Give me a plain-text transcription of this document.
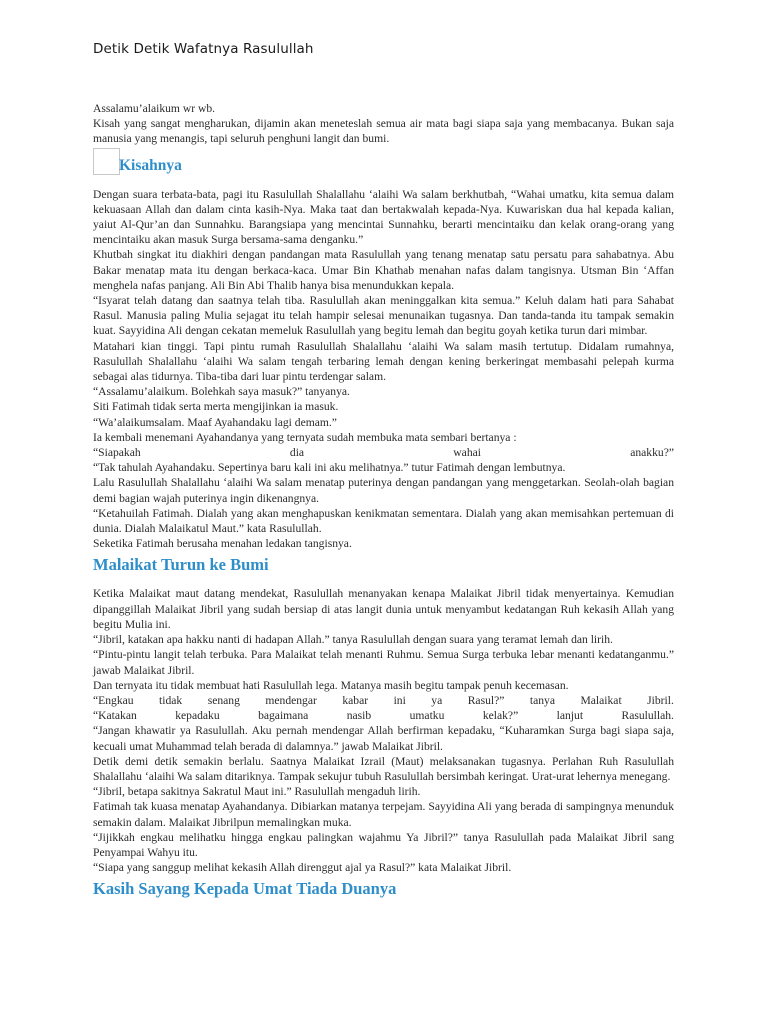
Detik Detik Wafatnya Rasulullah

Assalamu’alaikum wr wb.

Kisah yang sangat mengharukan, dijamin akan meneteslah semua air mata bagi siapa saja yang membacanya. Bukan saja manusia yang menangis, tapi seluruh penghuni langit dan bumi.

Kisahnya

Dengan suara terbata-bata, pagi itu Rasulullah Shalallahu ‘alaihi Wa salam berkhutbah, “Wahai umatku, kita semua dalam kekuasaan Allah dan dalam cinta kasih-Nya. Maka taat dan bertakwalah kepada-Nya. Kuwariskan dua hal kepada kalian, yaiut Al-Qur’an dan Sunnahku. Barangsiapa yang mencintai Sunnahku, berarti mencintaiku dan kelak orang-orang yang mencintaiku akan masuk Surga bersama-sama denganku.”

Khutbah singkat itu diakhiri dengan pandangan mata Rasulullah yang tenang menatap satu persatu para sahabatnya. Abu Bakar menatap mata itu dengan berkaca-kaca. Umar Bin Khathab menahan nafas dalam tangisnya. Utsman Bin ‘Affan menghela nafas panjang. Ali Bin Abi Thalib hanya bisa menundukkan kepala.

“Isyarat telah datang dan saatnya telah tiba. Rasulullah akan meninggalkan kita semua.” Keluh dalam hati para Sahabat Rasul. Manusia paling Mulia sejagat itu telah hampir selesai menunaikan tugasnya. Dan tanda-tanda itu tampak semakin kuat. Sayyidina Ali dengan cekatan memeluk Rasulullah yang begitu lemah dan begitu goyah ketika turun dari mimbar.

Matahari kian tinggi. Tapi pintu rumah Rasulullah Shalallahu ‘alaihi Wa salam masih tertutup. Didalam rumahnya, Rasulullah Shalallahu ‘alaihi Wa salam tengah terbaring lemah dengan kening berkeringat membasahi pelepah kurma sebagai alas tidurnya. Tiba-tiba dari luar pintu terdengar salam.

“Assalamu’alaikum. Bolehkah saya masuk?” tanyanya.

Siti Fatimah tidak serta merta mengijinkan ia masuk.

“Wa’alaikumsalam. Maaf Ayahandaku lagi demam.”

Ia kembali menemani Ayahandanya yang ternyata sudah membuka mata sembari bertanya :

“Siapakah	dia	wahai	anakku?”

“Tak tahulah Ayahandaku. Sepertinya baru kali ini aku melihatnya.” tutur Fatimah dengan lembutnya.

Lalu Rasulullah Shalallahu ‘alaihi Wa salam menatap puterinya dengan pandangan yang menggetarkan. Seolah-olah bagian demi bagian wajah puterinya ingin dikenangnya.

“Ketahuilah Fatimah. Dialah yang akan menghapuskan kenikmatan sementara. Dialah yang akan memisahkan pertemuan di dunia. Dialah Malaikatul Maut.” kata Rasulullah.

Seketika Fatimah berusaha menahan ledakan tangisnya.

Malaikat Turun ke Bumi

Ketika Malaikat maut datang mendekat, Rasulullah menanyakan kenapa Malaikat Jibril tidak menyertainya. Kemudian dipanggillah Malaikat Jibril yang sudah bersiap di atas langit dunia untuk menyambut kedatangan Ruh kekasih Allah yang begitu Mulia ini.

“Jibril, katakan apa hakku nanti di hadapan Allah.” tanya Rasulullah dengan suara yang teramat lemah dan lirih.

“Pintu-pintu langit telah terbuka. Para Malaikat telah menanti Ruhmu. Semua Surga terbuka lebar menanti kedatanganmu.” jawab Malaikat Jibril.

Dan ternyata itu tidak membuat hati Rasulullah lega. Matanya masih begitu tampak penuh kecemasan.

“Engkau tidak senang mendengar kabar ini ya Rasul?” tanya Malaikat Jibril.
“Katakan	kepadaku	bagaimana	nasib	umatku	kelak?”	lanjut	Rasulullah.

“Jangan khawatir ya Rasulullah. Aku pernah mendengar Allah berfirman kepadaku, “Kuharamkan Surga bagi siapa saja, kecuali umat Muhammad telah berada di dalamnya.” jawab Malaikat Jibril.

Detik demi detik semakin berlalu. Saatnya Malaikat Izrail (Maut) melaksanakan tugasnya. Perlahan Ruh Rasulullah Shalallahu ‘alaihi Wa salam ditariknya. Tampak sekujur tubuh Rasulullah bersimbah keringat. Urat-urat lehernya menegang.

“Jibril, betapa sakitnya Sakratul Maut ini.” Rasulullah mengaduh lirih.

Fatimah tak kuasa menatap Ayahandanya. Dibiarkan matanya terpejam. Sayyidina Ali yang berada di sampingnya menunduk semakin dalam. Malaikat Jibrilpun memalingkan muka.

“Jijikkah engkau melihatku hingga engkau palingkan wajahmu Ya Jibril?” tanya Rasulullah pada Malaikat Jibril sang Penyampai Wahyu itu.

“Siapa yang sanggup melihat kekasih Allah direnggut ajal ya Rasul?” kata Malaikat Jibril.

Kasih Sayang Kepada Umat Tiada Duanya
